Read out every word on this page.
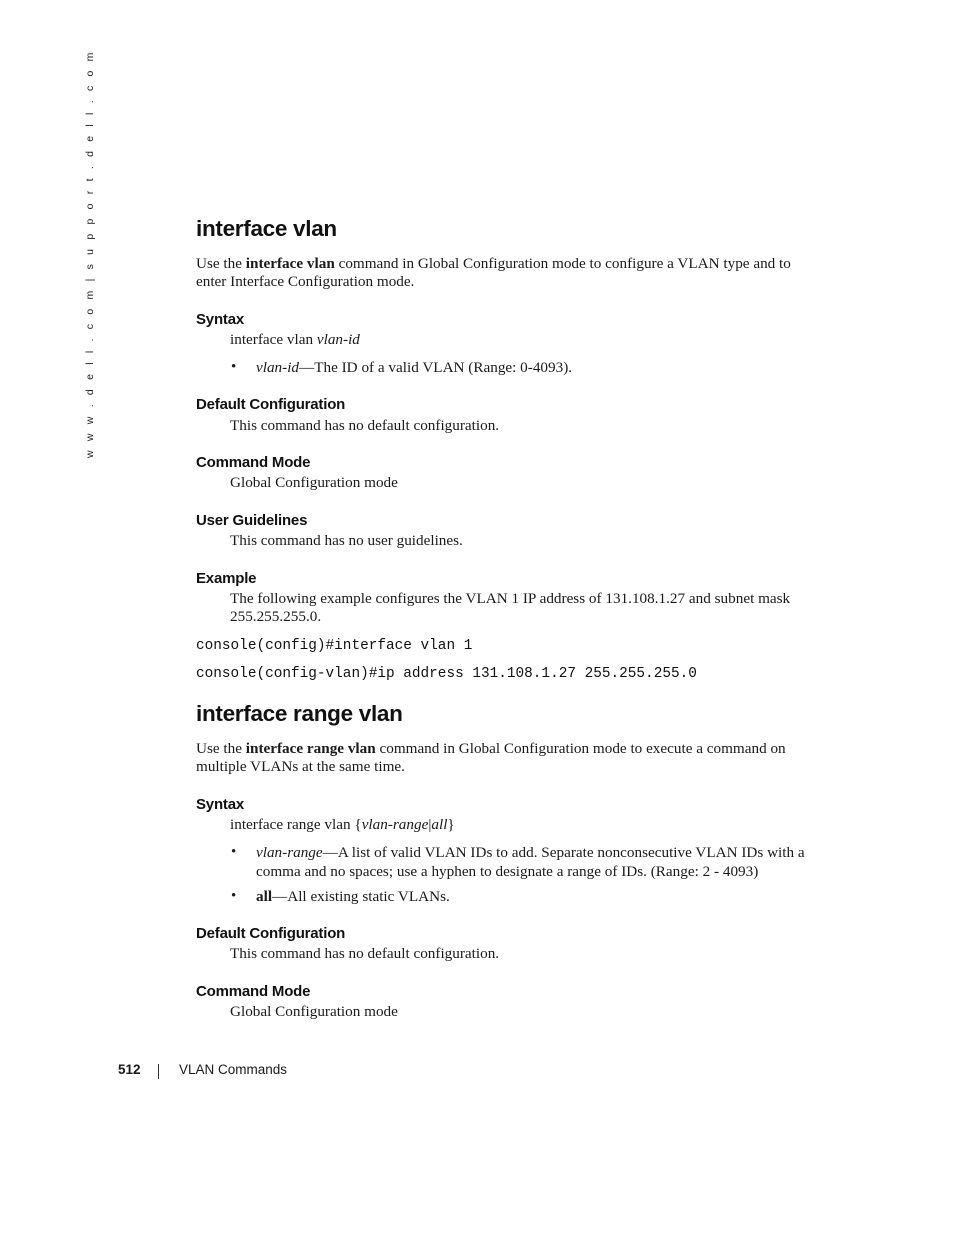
w w w . d e l l . c o m | s u p p o r t . d e l l . c o m	interface vlan

Use the interface vlan command in Global Configuration mode to configure a VLAN type and to
enter Interface Configuration mode.

Syntax

interface vlan vlan-id

• vlan-id—The ID of a valid VLAN (Range: 0-4093).

Default Configuration

This command has no default configuration.

Command Mode

Global Configuration mode

User Guidelines

This command has no user guidelines.

Example

The following example configures the VLAN 1 IP address of 131.108.1.27 and subnet mask
255.255.255.0.

console(config)#interface vlan 1
console(config-vlan)#ip address 131.108.1.27 255.255.255.0
interface range vlan

Use the interface range vlan command in Global Configuration mode to execute a command on
multiple VLANs at the same time.

Syntax

interface range vlan {vlan-range|all}

• vlan-range—A list of valid VLAN IDs to add. Separate nonconsecutive VLAN IDs with a
comma and no spaces; use a hyphen to designate a range of IDs. (Range: 2 - 4093)

• all—All existing static VLANs.

Default Configuration

This command has no default configuration.

Command Mode

Global Configuration mode

512	VLAN Commands
